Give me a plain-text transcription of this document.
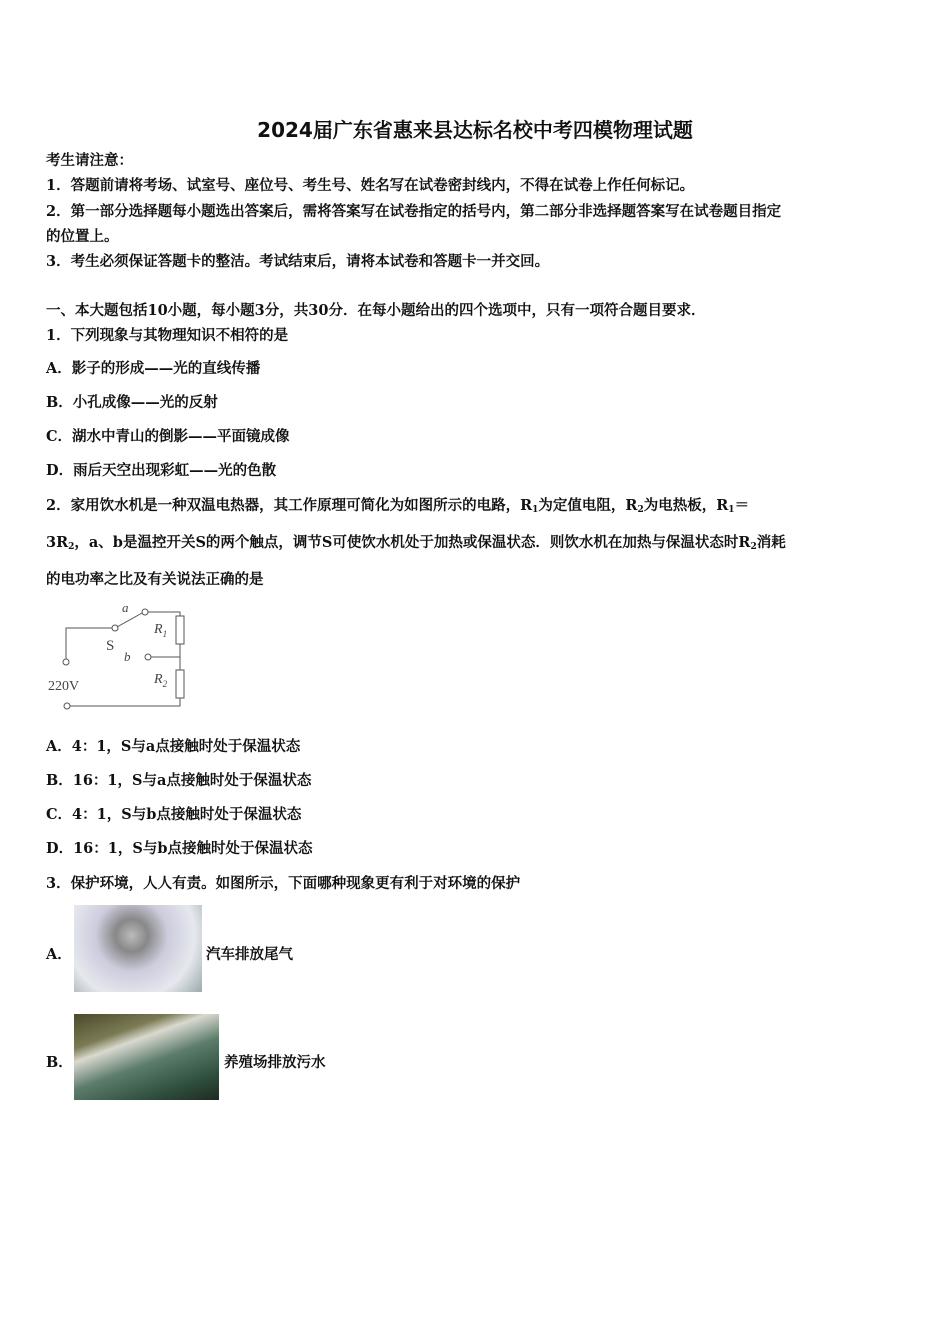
2024届广东省惠来县达标名校中考四模物理试题
考生请注意：
1．答题前请将考场、试室号、座位号、考生号、姓名写在试卷密封线内，不得在试卷上作任何标记。
2．第一部分选择题每小题选出答案后，需将答案写在试卷指定的括号内，第二部分非选择题答案写在试卷题目指定
的位置上。
3．考生必须保证答题卡的整洁。考试结束后，请将本试卷和答题卡一并交回。
一、本大题包括10小题，每小题3分，共30分．在每小题给出的四个选项中，只有一项符合题目要求．
1．下列现象与其物理知识不相符的是
A．影子的形成——光的直线传播
B．小孔成像——光的反射
C．湖水中青山的倒影——平面镜成像
D．雨后天空出现彩虹——光的色散
2．家用饮水机是一种双温电热器，其工作原理可简化为如图所示的电路，$R_1$为定值电阻，$R_2$为电热板，$R_1=$
$3R_2$，a、b是温控开关S的两个触点，调节S可使饮水机处于加热或保温状态．则饮水机在加热与保温状态时$R_2$消耗
的电功率之比及有关说法正确的是
a
S
b
$R_1$
$R_2$
220V
A．4：1，S与a点接触时处于保温状态
B．16：1，S与a点接触时处于保温状态
C．4：1，S与b点接触时处于保温状态
D．16：1，S与b点接触时处于保温状态
3．保护环境，人人有责。如图所示，下面哪种现象更有利于对环境的保护
A．	汽车排放尾气
B．	养殖场排放污水
